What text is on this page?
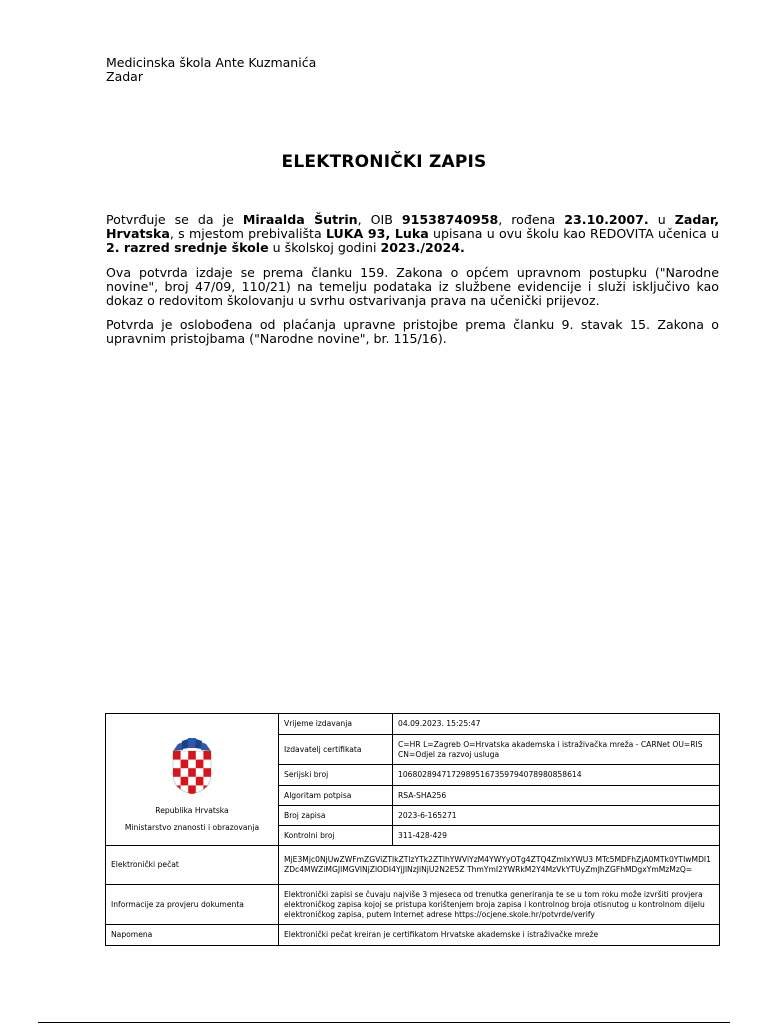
Medicinska škola Ante Kuzmanića
Zadar
ELEKTRONIČKI ZAPIS

Potvrđuje se da je Miraalda Šutrin, OIB 91538740958, rođena 23.10.2007. u Zadar, Hrvatska, s mjestom prebivališta LUKA 93, Luka upisana u ovu školu kao REDOVITA učenica u 2. razred srednje škole u školskoj godini 2023./2024.

Ova potvrda izdaje se prema članku 159. Zakona o općem upravnom postupku ("Narodne novine", broj 47/09, 110/21) na temelju podataka iz službene evidencije i služi isključivo kao dokaz o redovitom školovanju u svrhu ostvarivanja prava na učenički prijevoz.

Potvrda je oslobođena od plaćanja upravne pristojbe prema članku 9. stavak 15. Zakona o upravnim pristojbama ("Narodne novine", br. 115/16).

Republika Hrvatska
Ministarstvo znanosti i obrazovanja	Vrijeme izdavanja	04.09.2023. 15:25:47
	Izdavatelj certifikata	C=HR L=Zagreb O=Hrvatska akademska i istraživačka mreža - CARNet OU=RIS CN=Odjel za razvoj usluga
	Serijski broj	106802894717298951673597940789808586​14
	Algoritam potpisa	RSA-SHA256
	Broj zapisa	2023-6-165271
	Kontrolni broj	311-428-429
Elektronički pečat	MjE3Mjc0NjUwZWFmZGViZTlkZTlzYTk2ZTlhYWViYzM4YWYyOTg4ZTQ4ZmIxYWU3 MTc5MDFhZjA0MTk0YTIwMDI1ZDc4MWZiMGJlMGVlNjZlODI4YjJlNzJlNjU2N2E5Z ThmYmI2YWRkM2Y4MzVkYTUyZmJhZGFhMDgxYmMzMzQ=	
Informacije za provjeru dokumenta	Elektronički zapisi se čuvaju najviše 3 mjeseca od trenutka generiranja te se u tom roku može izvršiti provjera elektroničkog zapisa kojoj se pristupa korištenjem broja zapisa i kontrolnog broja otisnutog u kontrolnom dijelu elektroničkog zapisa, putem Internet adrese https://ocjene.skole.hr/potvrde/verify	
Napomena	Elektronički pečat kreiran je certifikatom Hrvatske akademske i istraživačke mreže	
